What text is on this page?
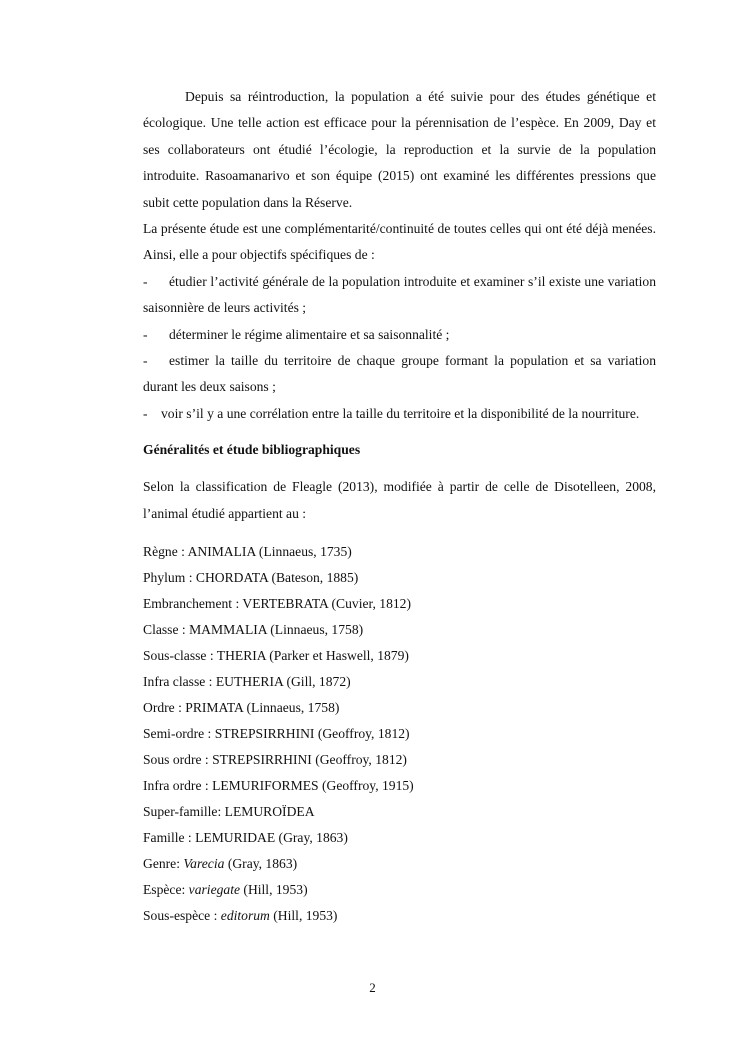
Depuis sa réintroduction, la population a été suivie pour des études génétique et écologique. Une telle action est efficace pour la pérennisation de l’espèce. En 2009, Day et ses collaborateurs ont étudié l’écologie, la reproduction et la survie de la population introduite. Rasoamanarivo et son équipe (2015) ont examiné les différentes pressions que subit cette population dans la Réserve.

La présente étude est une complémentarité/continuité de toutes celles qui ont été déjà menées. Ainsi, elle a pour objectifs spécifiques de :

- étudier l’activité générale de la population introduite et examiner s’il existe une variation saisonnière de leurs activités ;

- déterminer le régime alimentaire et sa saisonnalité ;

- estimer la taille du territoire de chaque groupe formant la population et sa variation durant les deux saisons ;

- voir s’il y a une corrélation entre la taille du territoire et la disponibilité de la nourriture.

Généralités et étude bibliographiques

Selon la classification de Fleagle (2013), modifiée à partir de celle de Disotelleen, 2008, l’animal étudié appartient au :

Règne : ANIMALIA (Linnaeus, 1735)
Phylum : CHORDATA (Bateson, 1885)
Embranchement : VERTEBRATA (Cuvier, 1812)
Classe : MAMMALIA (Linnaeus, 1758)
Sous-classe : THERIA (Parker et Haswell, 1879)
Infra classe : EUTHERIA (Gill, 1872)
Ordre : PRIMATA (Linnaeus, 1758)
Semi-ordre : STREPSIRRHINI (Geoffroy, 1812)
Sous ordre : STREPSIRRHINI (Geoffroy, 1812)
Infra ordre : LEMURIFORMES (Geoffroy, 1915)
Super-famille: LEMUROÏDEA
Famille : LEMURIDAE (Gray, 1863)
Genre: Varecia (Gray, 1863)
Espèce: variegate (Hill, 1953)
Sous-espèce : editorum (Hill, 1953)
2
